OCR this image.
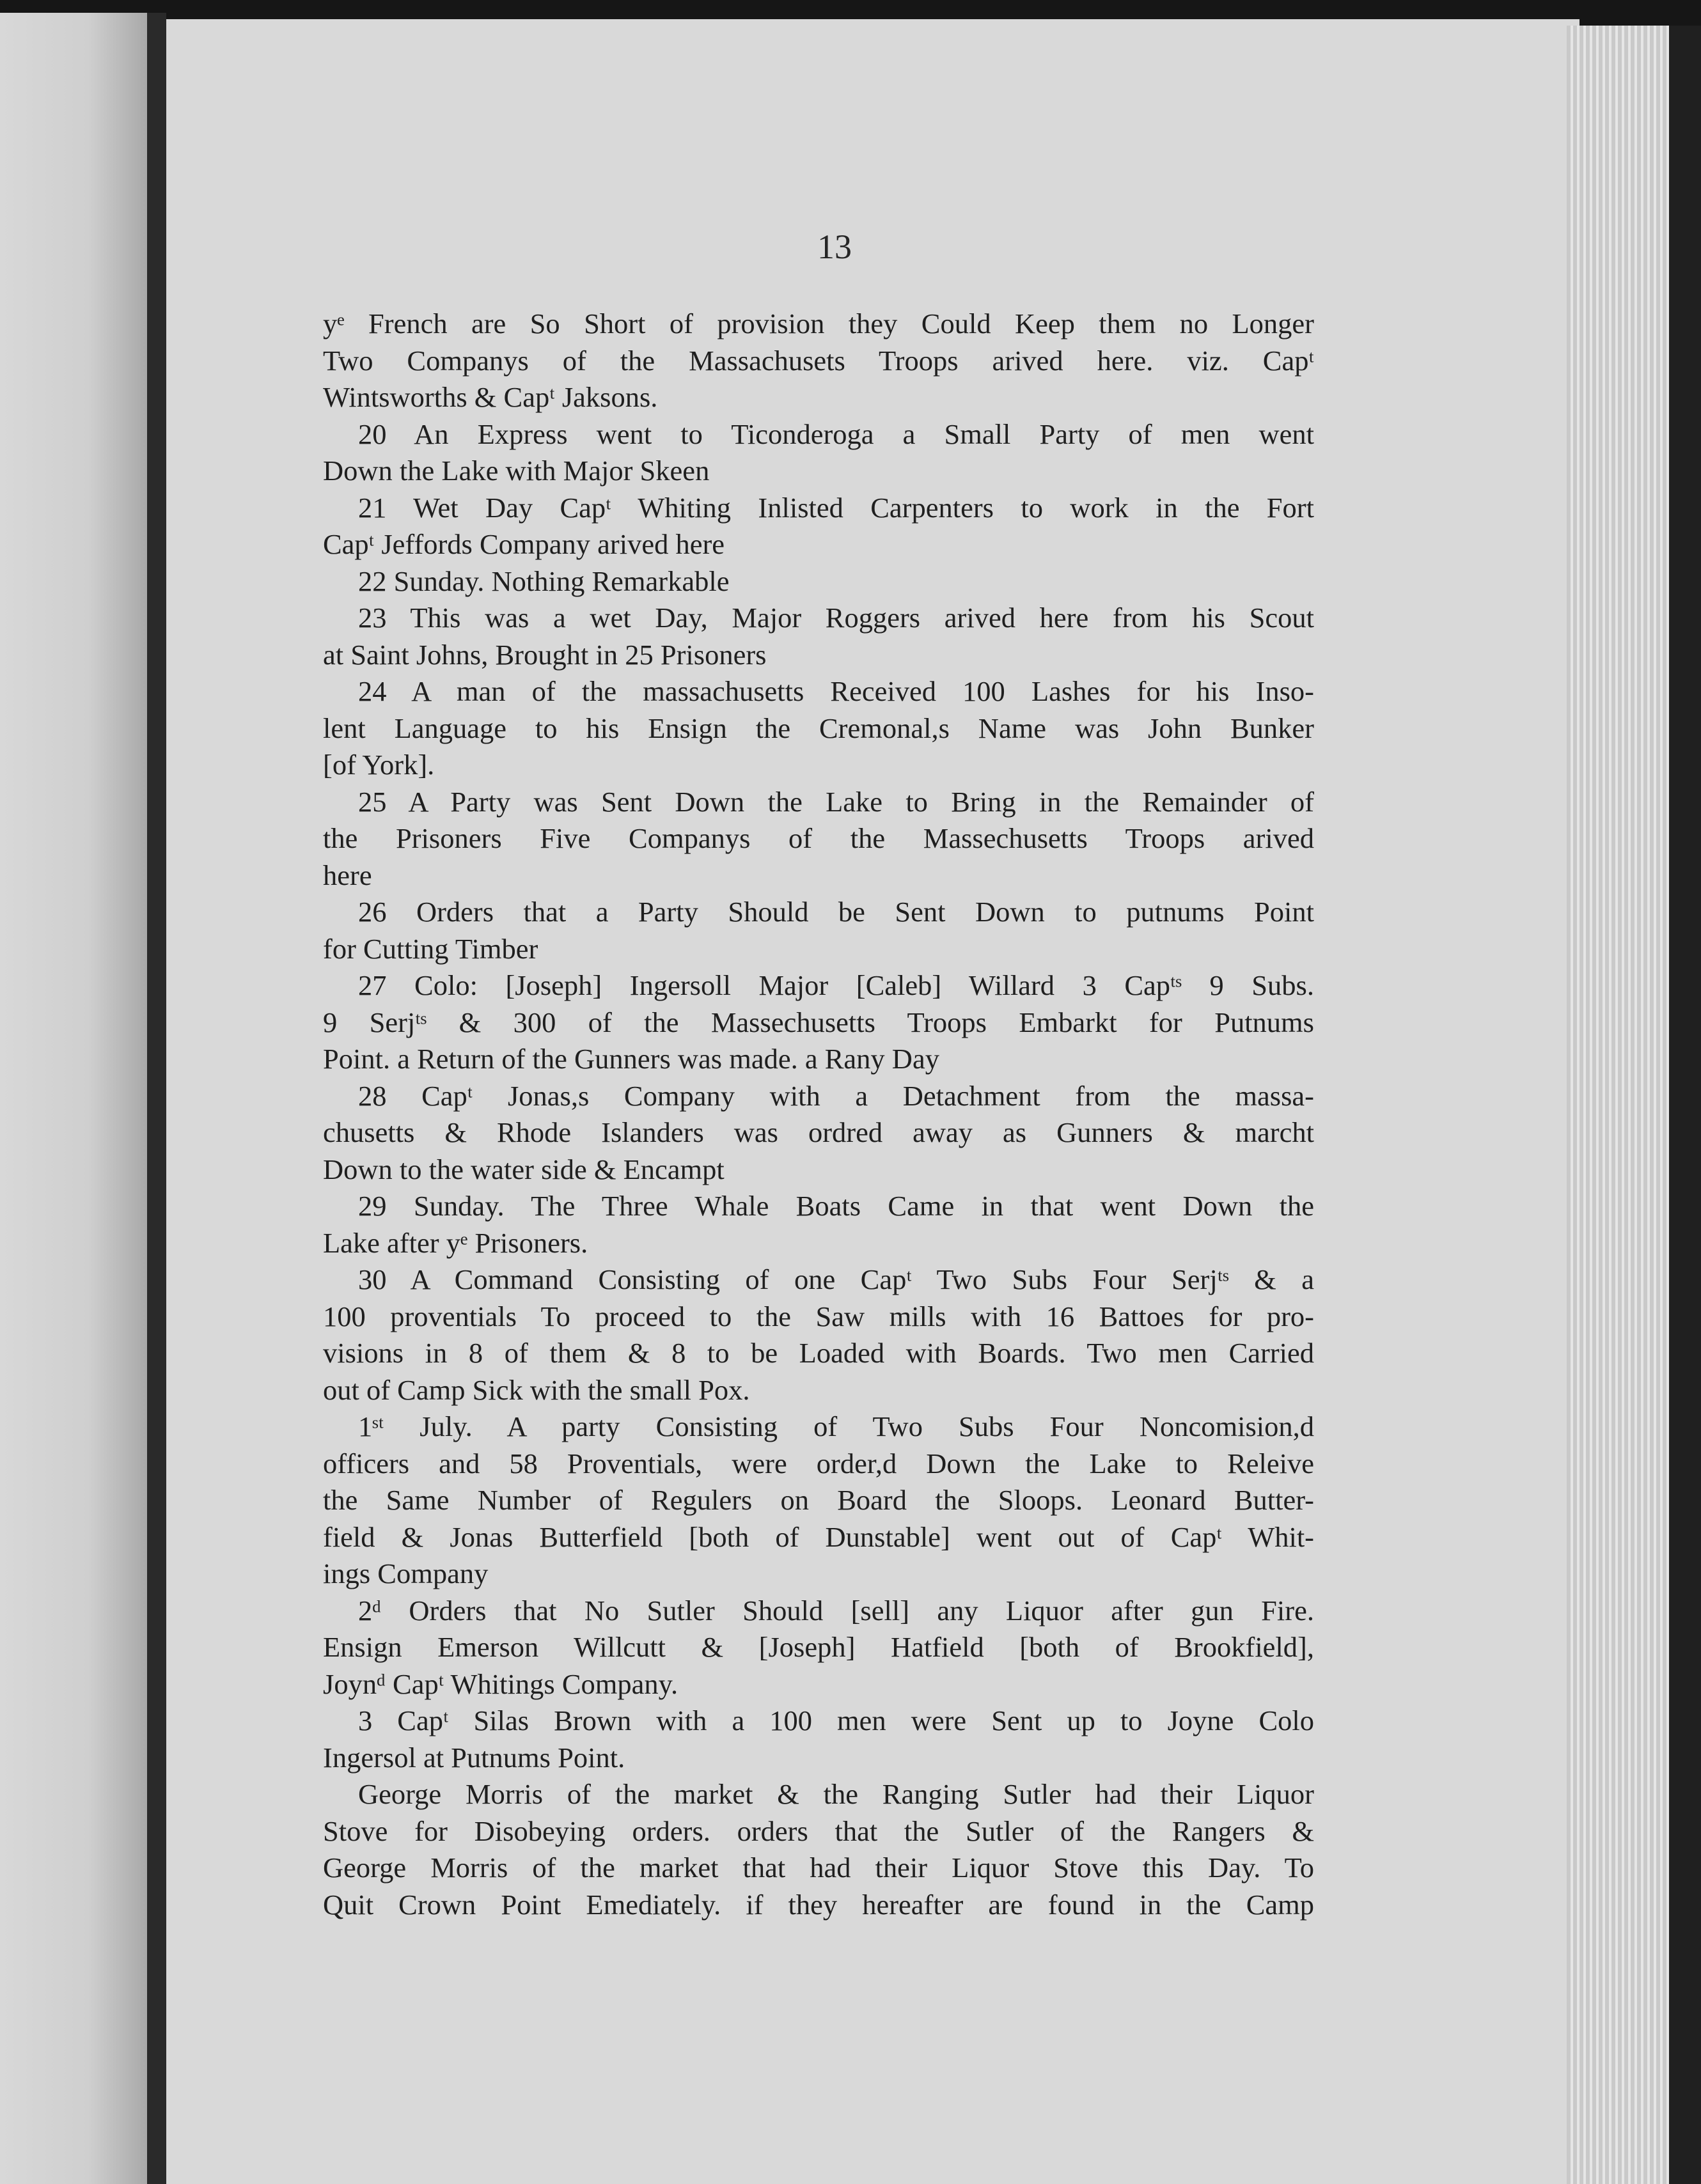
13
yᵉ French are So Short of provision they Could Keep them no Longer
Two Companys of the Massachusets Troops arived here. viz. Capᵗ
Wintsworths & Capᵗ Jaksons.
20 An Express went to Ticonderoga a Small Party of men went
Down the Lake with Major Skeen
21 Wet Day Capᵗ Whiting Inlisted Carpenters to work in the Fort
Capᵗ Jeffords Company arived here
22 Sunday. Nothing Remarkable
23 This was a wet Day, Major Roggers arived here from his Scout
at Saint Johns, Brought in 25 Prisoners
24 A man of the massachusetts Received 100 Lashes for his Inso-
lent Language to his Ensign the Cremonal,s Name was John Bunker
[of York].
25 A Party was Sent Down the Lake to Bring in the Remainder of
the Prisoners Five Companys of the Massechusetts Troops arived
here
26 Orders that a Party Should be Sent Down to putnums Point
for Cutting Timber
27 Colo: [Joseph] Ingersoll Major [Caleb] Willard 3 Capᵗˢ 9 Subs.
9 Serjᵗˢ & 300 of the Massechusetts Troops Embarkt for Putnums
Point. a Return of the Gunners was made. a Rany Day
28 Capᵗ Jonas,s Company with a Detachment from the massa-
chusetts & Rhode Islanders was ordred away as Gunners & marcht
Down to the water side & Encampt
29 Sunday. The Three Whale Boats Came in that went Down the
Lake after yᵉ Prisoners.
30 A Command Consisting of one Capᵗ Two Subs Four Serjᵗˢ & a
100 proventials To proceed to the Saw mills with 16 Battoes for pro-
visions in 8 of them & 8 to be Loaded with Boards. Two men Carried
out of Camp Sick with the small Pox.
1ˢᵗ July. A party Consisting of Two Subs Four Noncomision,d
officers and 58 Proventials, were order,d Down the Lake to Releive
the Same Number of Regulers on Board the Sloops. Leonard Butter-
field & Jonas Butterfield [both of Dunstable] went out of Capᵗ Whit-
ings Company
2ᵈ Orders that No Sutler Should [sell] any Liquor after gun Fire.
Ensign Emerson Willcutt & [Joseph] Hatfield [both of Brookfield],
Joynᵈ Capᵗ Whitings Company.
3 Capᵗ Silas Brown with a 100 men were Sent up to Joyne Colo
Ingersol at Putnums Point.
George Morris of the market & the Ranging Sutler had their Liquor
Stove for Disobeying orders. orders that the Sutler of the Rangers &
George Morris of the market that had their Liquor Stove this Day. To
Quit Crown Point Emediately. if they hereafter are found in the Camp
